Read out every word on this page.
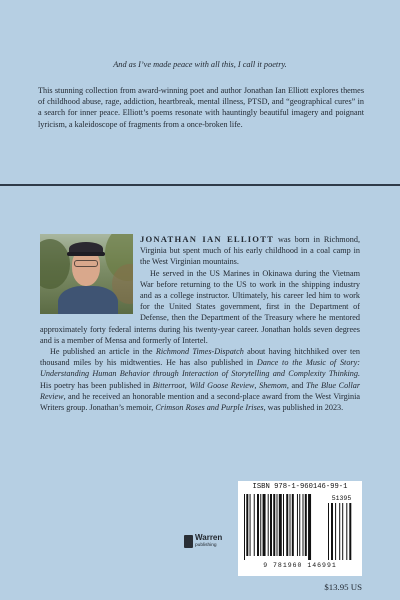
And as I’ve made peace with all this, I call it poetry.
This stunning collection from award-winning poet and author Jonathan Ian Elliott explores themes of childhood abuse, rage, addiction, heartbreak, mental illness, PTSD, and “geographical cures” in a search for inner peace. Elliott’s poems resonate with hauntingly beautiful imagery and poignant lyricism, a kaleidoscope of fragments from a once-broken life.

JONATHAN IAN ELLIOTT was born in Richmond, Virginia but spent much of his early childhood in a coal camp in the West Virginian mountains.

He served in the US Marines in Okinawa during the Vietnam War before returning to the US to work in the shipping industry and as a college instructor. Ultimately, his career led him to work for the United States government, first in the Department of Defense, then the Department of the Treasury where he mentored approximately forty federal interns during his twenty-year career. Jonathan holds seven degrees and is a member of Mensa and formerly of Intertel.

He published an article in the Richmond Times-Dispatch about having hitchhiked over ten thousand miles by his midtwenties. He has also published in Dance to the Music of Story: Understanding Human Behavior through Interaction of Storytelling and Complexity Thinking. His poetry has been published in Bitterroot, Wild Goose Review, Shemom, and The Blue Collar Review, and he received an honorable mention and a second-place award from the West Virginia Writers group. Jonathan’s memoir, Crimson Roses and Purple Irises, was published in 2023.

ISBN 978-1-960146-99-1
51395
9 781960 146991
Warren
publishing
$13.95 US
